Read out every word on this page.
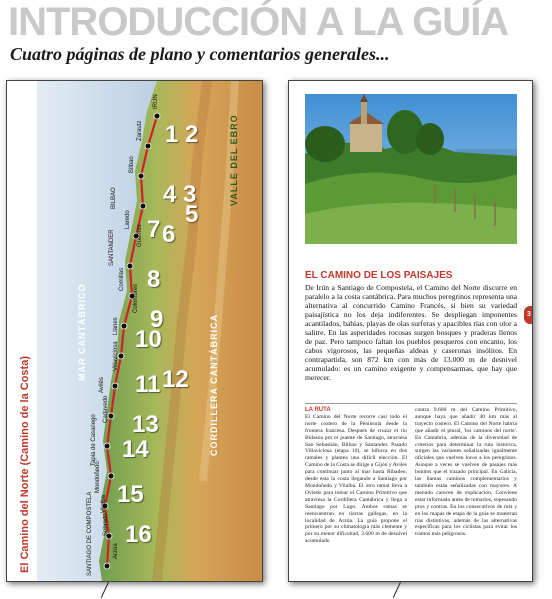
INTRODUCCIÓN A LA GUÍA
Cuatro páginas de plano y comentarios generales...
El Camino del Norte (Camino de la Costa)
MAR CANTÁBRICO	CORDILLERA CANTÁBRICA
VALLE DEL EBRO
1 2
3
4
5
6
7
8
9
10
11 12
13
14
15
16
IRÚN
Zarautz
Bilbao
BILBAO
Laredo
Güemes
SANTANDER
Comillas
Colombres
Llanes
Villaviciosa
Avilés
Cadavedo
Tapia de Casariego
Mondoñedo
Vilalba
Sobrado
Arzúa
SANTIAGO DE COMPOSTELA
3
EL CAMINO DE LOS PAISAJES
De Irún a Santiago de Compostela, el Camino del Norte discurre en paralelo a la costa cantábrica. Para muchos peregrinos representa una alternativa al concurrido Camino Francés, si bien su variedad paisajística no los deja indiferentes. Se despliegan imponentes acantilados, bahías, playas de olas surferas y apacibles rías con olor a salitre. En las asperidades rocosas surgen bosques y praderas llenos de paz. Pero tampoco faltan los pueblos pesqueros con encanto, los cabos vigorosos, las pequeñas aldeas y caseronas insólitos. En contrapartida, son 872 km con más de 13.000 m de desnivel acumulado: es un camino exigente y compensarmas, que hay que merecer.
LA RUTA
El Camino del Norte recorre casi todo el norte costero de la Península desde la frontera francesa. Después de cruzar el río Bidasoa por el puente de Santiago, atraviesa San Sebastián, Bilbao y Santander. Pasado Villaviciosa (etapa 10), se bifurca en dos ramales y plantea una difícil elección. El Camino de la Costa se dirige a Gijón y Avilés para continuar junto al mar hasta Ribadeo, desde ésta la costa llegando a Santiago por Mondoñedo y Vilalba. El otro ramal lleva a Oviedo para tomar el Camino Primitivo que atraviesa la Cordillera Cantábrica y llega a Santiago por Lugo. Ambos ramas se reencuentran en tierras gallegas, en la localidad de Arzúa. La guía propone el primero por su climatología más clemente y por su menor dificultad, 3.600 m de desnivel acumulado
contra 9.600 m del Camino Primitivo, aunque haya que añadir 40 km más al trayecto costero. El Camino del Norte habría que añadir el plural, 'los caminos del norte'. En Cantabria, además de la diversidad de criterios para determinar la ruta histórica, surgen las variantes señalizadas igualmente oficiales que vuelven locos a los peregrinos. Aunque a veces se vuelven de pasajes más bonitos que el trazado principal. En Galicia, las llamas caminos complementarios y también están señalizadas con mayores. A menudo carecen de explicación. Conviene estar informado antes de tomarlos, sopesando pros y contras. En los consecutivos de ruta y en los mapas de etapa de la guía se muestran rías distintivas, además de las alternativas específicas para los ciclistas para evitar los tramos más peligrosos.
